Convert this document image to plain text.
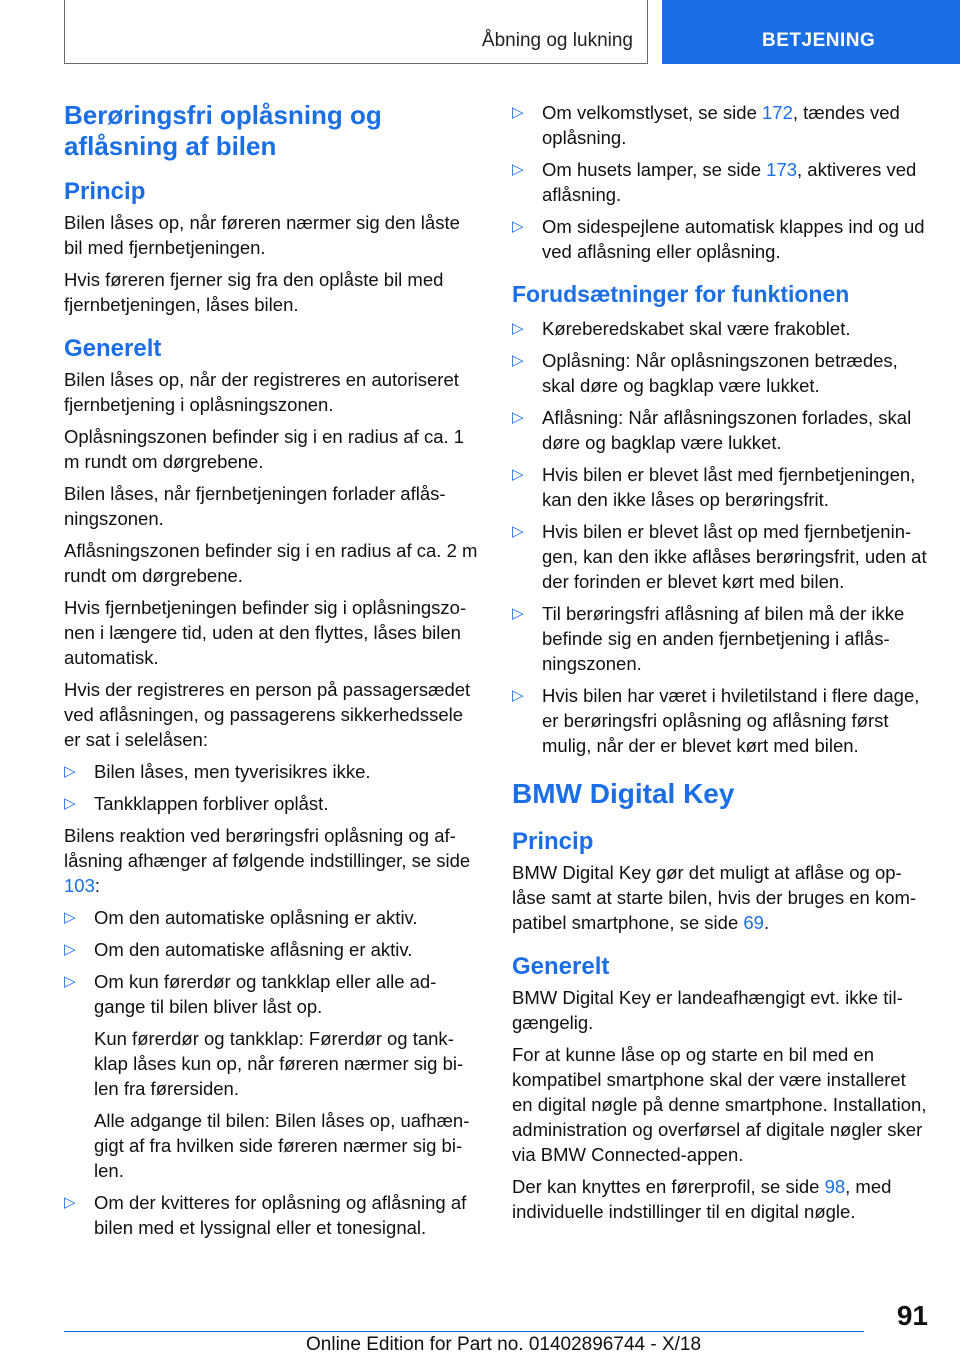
Åbning og lukning	BETJENING
Berøringsfri oplåsning og aflåsning af bilen
Princip

Bilen låses op, når føreren nærmer sig den låste bil med fjernbetjeningen.

Hvis føreren fjerner sig fra den oplåste bil med fjernbetjeningen, låses bilen.

Generelt

Bilen låses op, når der registreres en autoriseret fjernbetjening i oplåsningszonen.

Oplåsningszonen befinder sig i en radius af ca. 1 m rundt om dørgrebene.

Bilen låses, når fjernbetjeningen forlader aflåsningszonen.

Aflåsningszonen befinder sig i en radius af ca. 2 m rundt om dørgrebene.

Hvis fjernbetjeningen befinder sig i oplåsningszonen i længere tid, uden at den flyttes, låses bilen automatisk.

Hvis der registreres en person på passagersædet ved aflåsningen, og passagerens sikkerhedssele er sat i selelåsen:

▷ Bilen låses, men tyverisikres ikke.
▷ Tankklappen forbliver oplåst.

Bilens reaktion ved berøringsfri oplåsning og aflåsning afhænger af følgende indstillinger, se side 103:

▷ Om den automatiske oplåsning er aktiv.
▷ Om den automatiske aflåsning er aktiv.
▷ Om kun førerdør og tankklap eller alle adgange til bilen bliver låst op.

Kun førerdør og tankklap: Førerdør og tankklap låses kun op, når føreren nærmer sig bilen fra førersiden.

Alle adgange til bilen: Bilen låses op, uafhængigt af fra hvilken side føreren nærmer sig bilen.

▷ Om der kvitteres for oplåsning og aflåsning af bilen med et lyssignal eller et tonesignal.
▷ Om velkomstlyset, se side 172, tændes ved oplåsning.
▷ Om husets lamper, se side 173, aktiveres ved aflåsning.
▷ Om sidespejlene automatisk klappes ind og ud ved aflåsning eller oplåsning.
Forudsætninger for funktionen
▷ Køreberedskabet skal være frakoblet.
▷ Oplåsning: Når oplåsningszonen betrædes, skal døre og bagklap være lukket.
▷ Aflåsning: Når aflåsningszonen forlades, skal døre og bagklap være lukket.
▷ Hvis bilen er blevet låst med fjernbetjeningen, kan den ikke låses op berøringsfrit.
▷ Hvis bilen er blevet låst op med fjernbetjeningen, kan den ikke aflåses berøringsfrit, uden at der forinden er blevet kørt med bilen.
▷ Til berøringsfri aflåsning af bilen må der ikke befinde sig en anden fjernbetjening i aflåsningszonen.
▷ Hvis bilen har været i hviletilstand i flere dage, er berøringsfri oplåsning og aflåsning først mulig, når der er blevet kørt med bilen.
BMW Digital Key
Princip

BMW Digital Key gør det muligt at aflåse og oplåse samt at starte bilen, hvis der bruges en kompatibel smartphone, se side 69.

Generelt

BMW Digital Key er landeafhængigt evt. ikke tilgængelig.

For at kunne låse op og starte en bil med en kompatibel smartphone skal der være installeret en digital nøgle på denne smartphone. Installation, administration og overførsel af digitale nøgler sker via BMW Connected-appen.

Der kan knyttes en førerprofil, se side 98, med individuelle indstillinger til en digital nøgle.

91
Online Edition for Part no. 01402896744 - X/18
